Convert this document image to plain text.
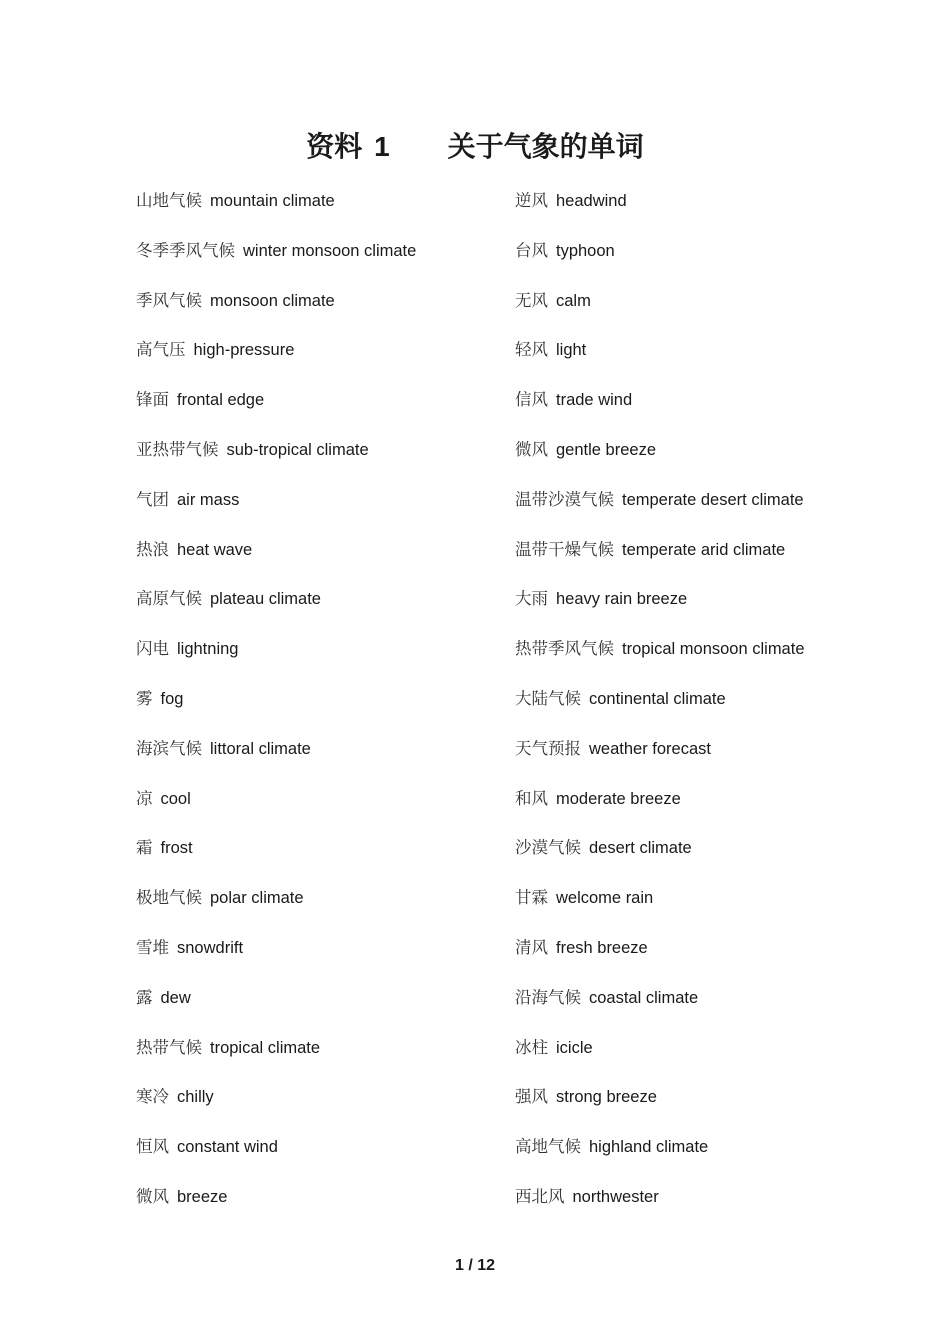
资料 1 关于气象的单词
山地气候 mountain climate
冬季季风气候 winter monsoon climate
季风气候 monsoon climate
高气压 high-pressure
锋面 frontal edge
亚热带气候 sub-tropical climate
气团 air mass
热浪 heat wave
高原气候 plateau climate
闪电 lightning
雾 fog
海滨气候 littoral climate
凉 cool
霜 frost
极地气候 polar climate
雪堆 snowdrift
露 dew
热带气候 tropical climate
寒冷 chilly
恒风 constant wind
微风 breeze
逆风 headwind
台风 typhoon
无风 calm
轻风 light
信风 trade wind
微风 gentle breeze
温带沙漠气候 temperate desert climate
温带干燥气候 temperate arid climate
大雨 heavy rain breeze
热带季风气候 tropical monsoon climate
大陆气候 continental climate
天气预报 weather forecast
和风 moderate breeze
沙漠气候 desert climate
甘霖 welcome rain
清风 fresh breeze
沿海气候 coastal climate
冰柱 icicle
强风 strong breeze
高地气候 highland climate
西北风 northwester
1 / 12
